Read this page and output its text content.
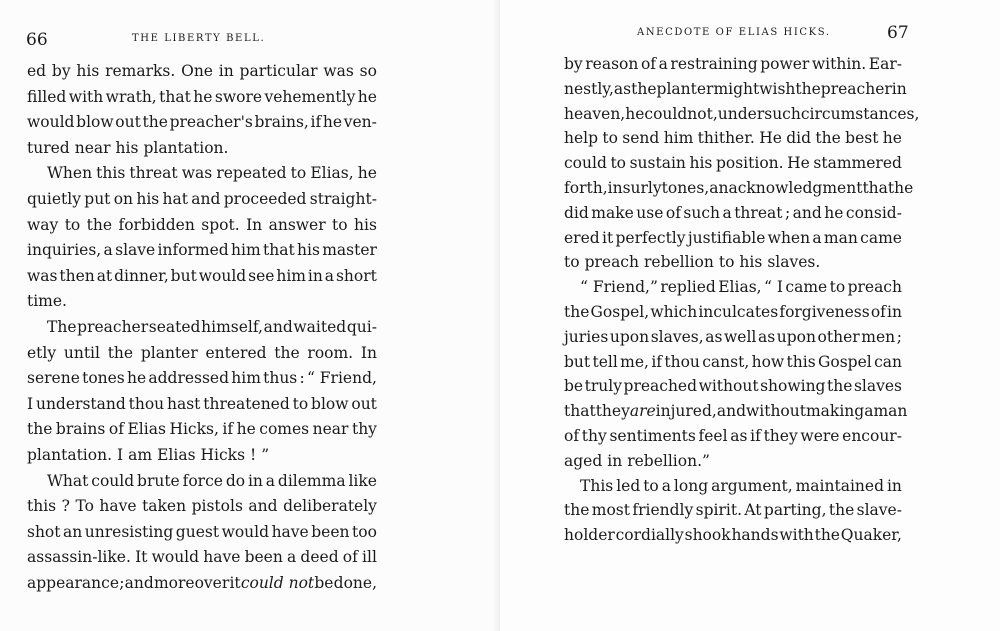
66	THE LIBERTY BELL.
ed by his remarks. One in particular was so
filled with wrath, that he swore vehemently he
would blow out the preacher's brains, if he ven-
tured near his plantation.
When this threat was repeated to Elias, he
quietly put on his hat and proceeded straight-
way to the forbidden spot. In answer to his
inquiries, a slave informed him that his master
was then at dinner, but would see him in a short
time.
The preacher seated himself, and waited qui-
etly until the planter entered the room. In
serene tones he addressed him thus : “ Friend,
I understand thou hast threatened to blow out
the brains of Elias Hicks, if he comes near thy
plantation. I am Elias Hicks ! ”
What could brute force do in a dilemma like
this ? To have taken pistols and deliberately
shot an unresisting guest would have been too
assassin-like. It would have been a deed of ill
appearance ; and moreover it could not be done,
ANECDOTE OF ELIAS HICKS.	67
by reason of a restraining power within. Ear-
nestly, as the planter might wish the preacher in
heaven, he could not, under such circumstances,
help to send him thither. He did the best he
could to sustain his position. He stammered
forth, in surly tones, an acknowledgment that he
did make use of such a threat ; and he consid-
ered it perfectly justifiable when a man came
to preach rebellion to his slaves.
“ Friend,” replied Elias, “ I came to preach
the Gospel, which inculcates forgiveness of in
juries upon slaves, as well as upon other men ;
but tell me, if thou canst, how this Gospel can
be truly preached without showing the slaves
that they are injured, and without making a man
of thy sentiments feel as if they were encour-
aged in rebellion.”
This led to a long argument, maintained in
the most friendly spirit. At parting, the slave-
holder cordially shook hands with the Quaker,
